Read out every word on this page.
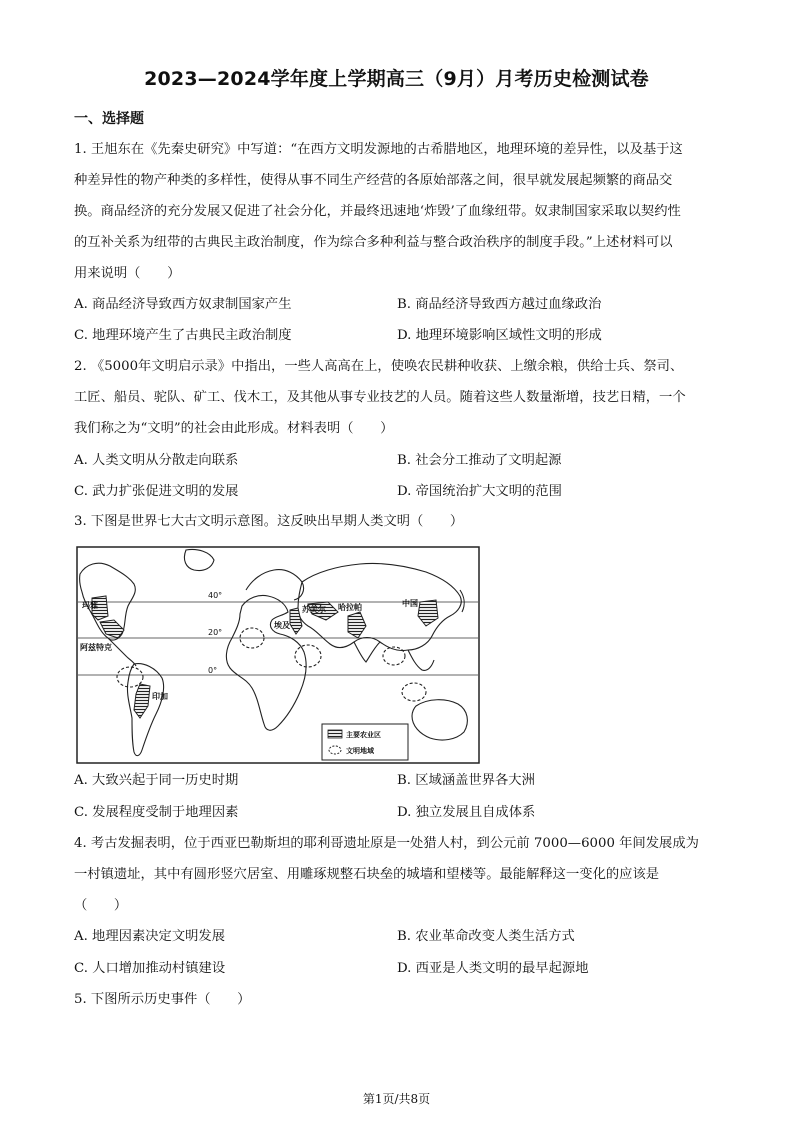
2023—2024学年度上学期高三（9月）月考历史检测试卷
一、选择题
1. 王旭东在《先秦史研究》中写道：“在西方文明发源地的古希腊地区，地理环境的差异性，以及基于这
种差异性的物产种类的多样性，使得从事不同生产经营的各原始部落之间，很早就发展起频繁的商品交
换。商品经济的充分发展又促进了社会分化，并最终迅速地‘炸毁’了血缘纽带。奴隶制国家采取以契约性
的互补关系为纽带的古典民主政治制度，作为综合多种利益与整合政治秩序的制度手段。”上述材料可以
用来说明（　　）
A. 商品经济导致西方奴隶制国家产生	B. 商品经济导致西方越过血缘政治
C. 地理环境产生了古典民主政治制度	D. 地理环境影响区域性文明的形成
2. 《5000年文明启示录》中指出，一些人高高在上，使唤农民耕种收获、上缴余粮，供给士兵、祭司、
工匠、船员、驼队、矿工、伐木工，及其他从事专业技艺的人员。随着这些人数量渐增，技艺日精，一个
我们称之为“文明”的社会由此形成。材料表明（　　）
A. 人类文明从分散走向联系	B. 社会分工推动了文明起源
C. 武力扩张促进文明的发展	D. 帝国统治扩大文明的范围
3. 下图是世界七大古文明示意图。这反映出早期人类文明（　　）
40°
20°
0°
玛雅
阿兹特克
印加
埃及
苏美尔 哈拉帕	中国
主要农业区
文明地域
A. 大致兴起于同一历史时期	B. 区域涵盖世界各大洲
C. 发展程度受制于地理因素	D. 独立发展且自成体系
4. 考古发掘表明，位于西亚巴勒斯坦的耶利哥遗址原是一处猎人村，到公元前 7000—6000 年间发展成为
一村镇遗址，其中有圆形竖穴居室、用雕琢规整石块垒的城墙和望楼等。最能解释这一变化的应该是
（　　）
A. 地理因素决定文明发展	B. 农业革命改变人类生活方式
C. 人口增加推动村镇建设	D. 西亚是人类文明的最早起源地
5. 下图所示历史事件（　　）
第1页/共8页
